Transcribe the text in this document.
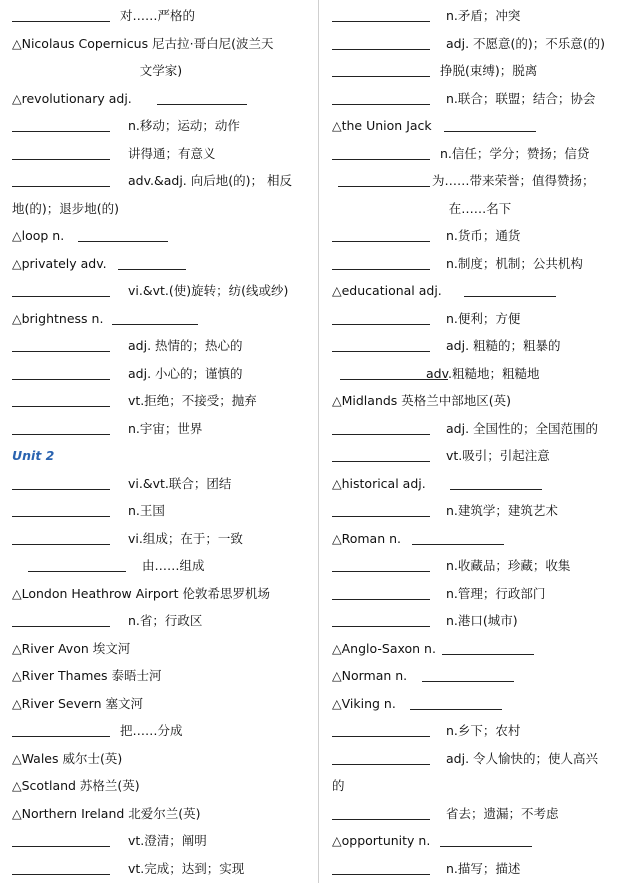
对……严格的
△Nicolaus Copernicus 尼古拉·哥白尼(波兰天
文学家)
△revolutionary adj.
n.移动；运动；动作
讲得通；有意义
adv.&adj. 向后地(的)； 相反
地(的)；退步地(的)
△loop n.
△privately adv.
vi.&vt.(使)旋转；纺(线或纱)
△brightness n.
adj. 热情的；热心的
adj. 小心的；谨慎的
vt.拒绝；不接受；抛弃
n.宇宙；世界
Unit 2
vi.&vt.联合；团结
n.王国
vi.组成；在于；一致
由……组成
△London Heathrow Airport 伦敦希思罗机场
n.省；行政区
△River Avon 埃文河
△River Thames 泰晤士河
△River Severn 塞文河
把……分成
△Wales 威尔士(英)
△Scotland 苏格兰(英)
△Northern Ireland 北爱尔兰(英)
vt.澄清；阐明
vt.完成；达到；实现
n.矛盾；冲突
adj. 不愿意(的)；不乐意(的)
挣脱(束缚)；脱离
n.联合；联盟；结合；协会
△the Union Jack
n.信任；学分；赞扬；信贷
为……带来荣誉；值得赞扬；
在……名下
n.货币；通货
n.制度；机制；公共机构
△educational adj.
n.便利；方便
adj. 粗糙的；粗暴的
adv.粗糙地；粗糙地
△Midlands 英格兰中部地区(英)
adj. 全国性的；全国范围的
vt.吸引；引起注意
△historical adj.
n.建筑学；建筑艺术
△Roman n.
n.收藏品；珍藏；收集
n.管理；行政部门
n.港口(城市)
△Anglo-Saxon n.
△Norman n.
△Viking n.
n.乡下；农村
adj. 令人愉快的；使人高兴
的
省去；遗漏；不考虑
△opportunity n.
n.描写；描述
